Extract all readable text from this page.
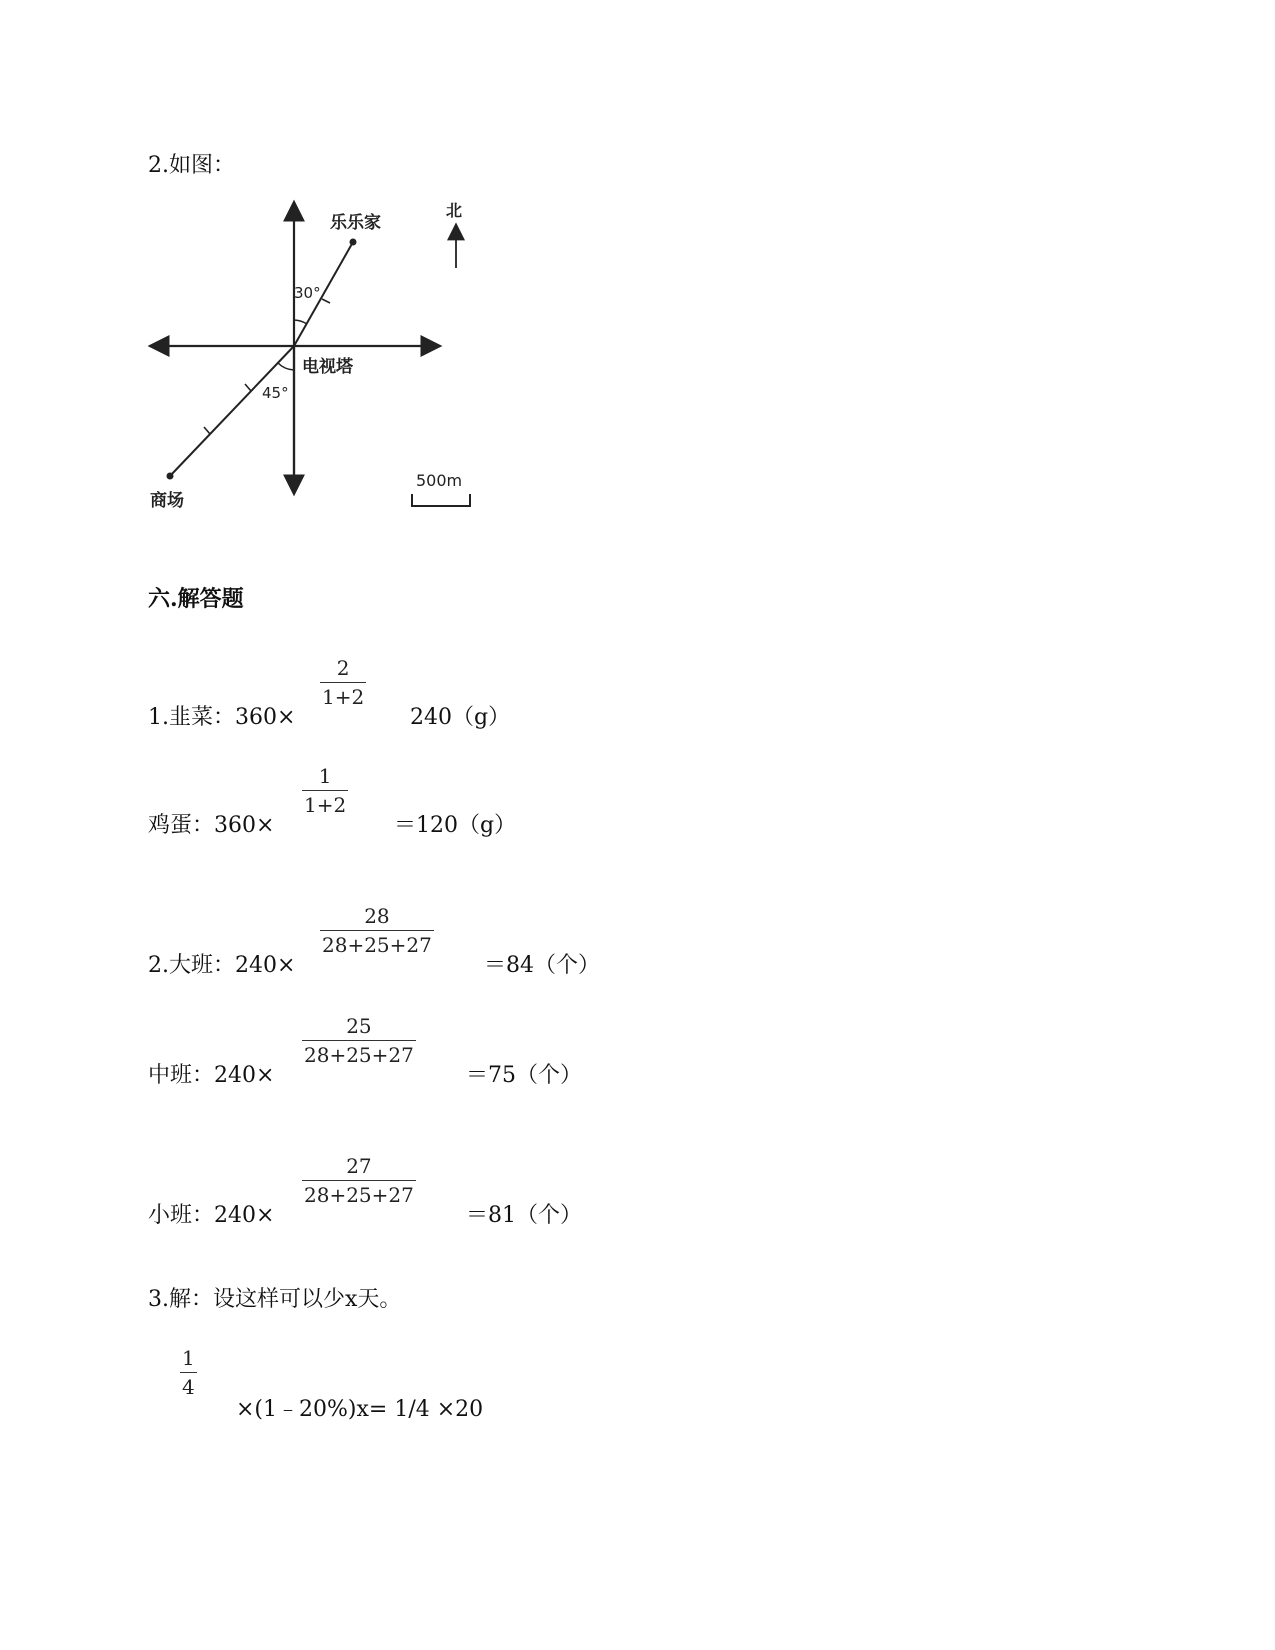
2.如图：
30°
45°
乐乐家
电视塔
商场
北
500m
六.解答题
1.韭菜：360×
2
1+2
240（g）
鸡蛋：360×
1
1+2
＝120（g）
2.大班：240×
28
28+25+27
＝84（个）
中班：240×
25
28+25+27
＝75（个）
小班：240×
27
28+25+27
＝81（个）
3.解：设这样可以少x天。
1
4
×(1﹣20%)x= 1/4 ×20
